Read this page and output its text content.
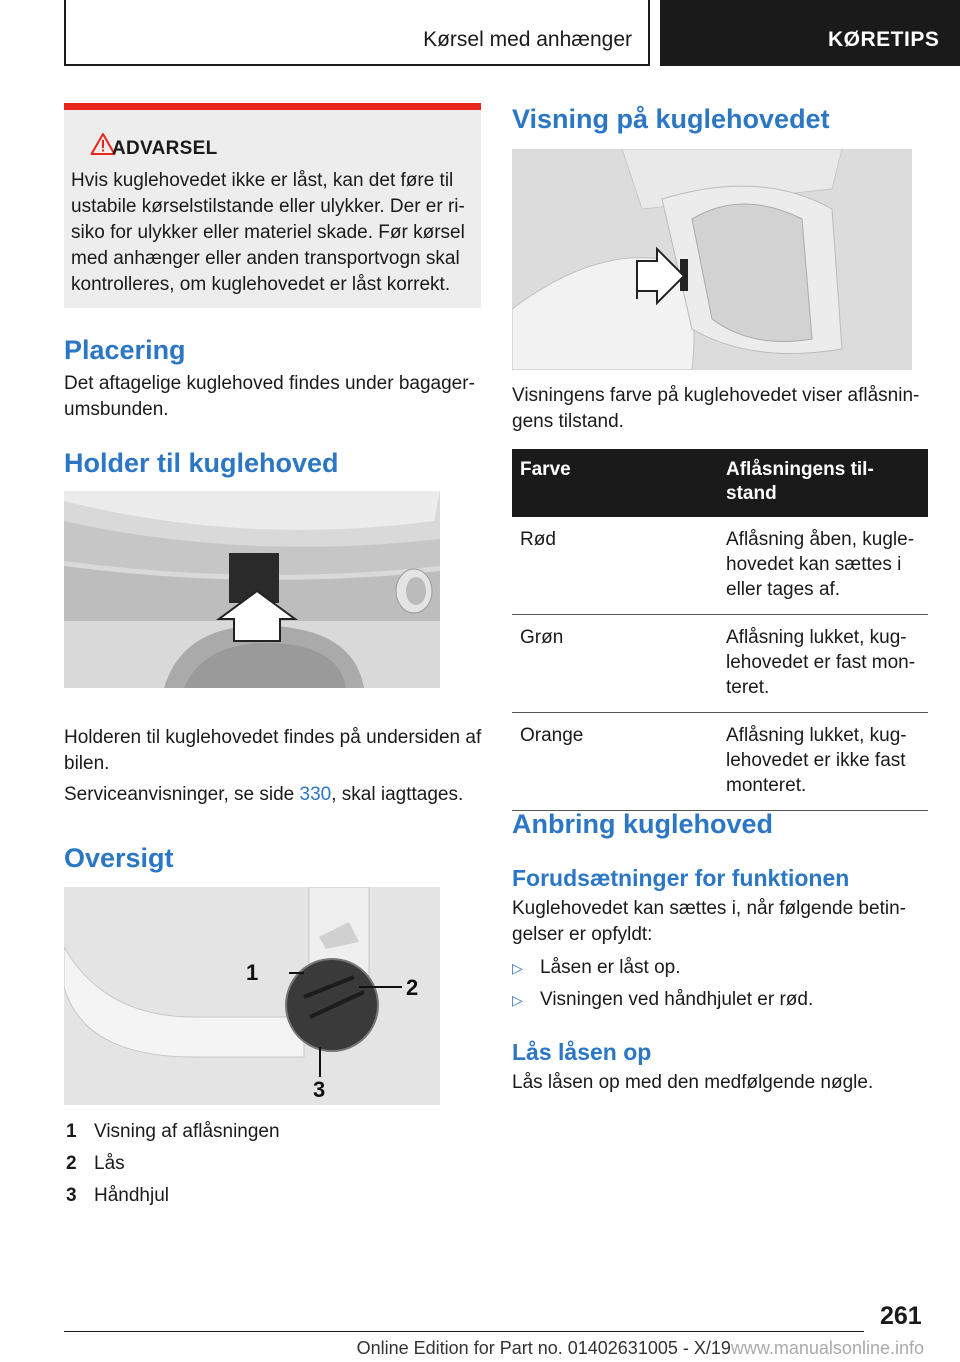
Kørsel med anhænger	KØRETIPS
ADVARSEL
Hvis kuglehovedet ikke er låst, kan det føre til ustabile kørselstilstande eller ulykker. Der er ri-siko for ulykker eller materiel skade. Før kørsel med anhænger eller anden transportvogn skal kontrolleres, om kuglehovedet er låst korrekt.
Placering
Det aftagelige kuglehoved findes under bagager-umsbunden.
Holder til kuglehoved
Holderen til kuglehovedet findes på undersiden af bilen.
Serviceanvisninger, se side 330, skal iagttages.
Oversigt
1
2
3
1 Visning af aflåsningen
2 Lås
3 Håndhjul
Visning på kuglehovedet
Visningens farve på kuglehovedet viser aflåsnin-gens tilstand.
Farve	Aflåsningens til-stand
Rød	Aflåsning åben, kugle-hovedet kan sættes i eller tages af.
Grøn	Aflåsning lukket, kug-lehovedet er fast mon-teret.
Orange	Aflåsning lukket, kug-lehovedet er ikke fast monteret.
Anbring kuglehoved
Forudsætninger for funktionen
Kuglehovedet kan sættes i, når følgende betin-gelser er opfyldt:
▷ Låsen er låst op.
▷ Visningen ved håndhjulet er rød.
Lås låsen op
Lås låsen op med den medfølgende nøgle.
261
Online Edition for Part no. 01402631005 - X/19www.manualsonline.info
